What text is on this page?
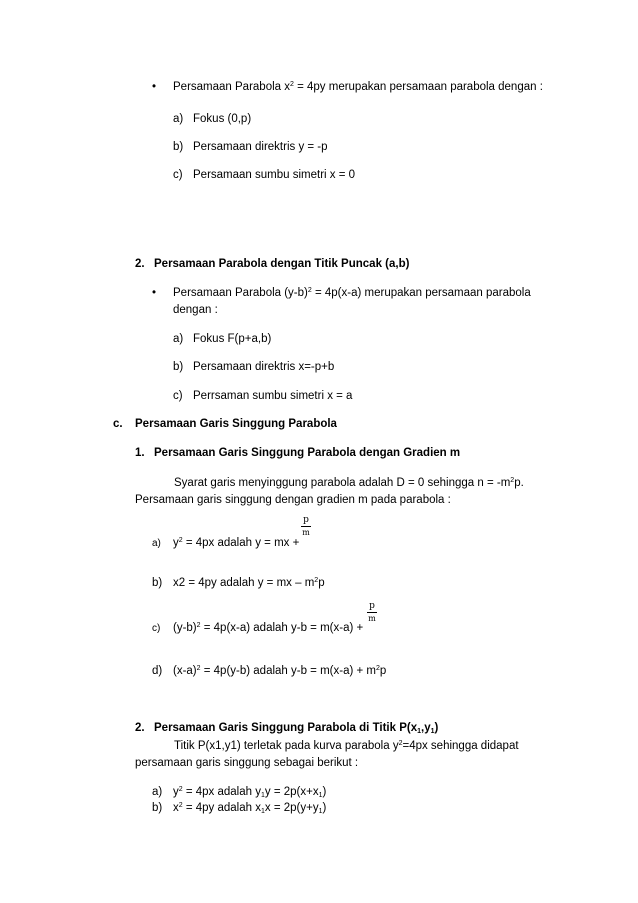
• Persamaan Parabola $x^2 = 4py$ merupakan persamaan parabola dengan :
a) Fokus (0,p)
b) Persamaan direktris y = -p
c) Persamaan sumbu simetri x = 0
2. Persamaan Parabola dengan Titik Puncak (a,b)
• Persamaan Parabola $(y-b)^2 = 4p(x-a)$ merupakan persamaan parabola
dengan :
a) Fokus F(p+a,b)
b) Persamaan direktris x=-p+b
c) Perrsaman sumbu simetri x = a
c. Persamaan Garis Singgung Parabola
1. Persamaan Garis Singgung Parabola dengan Gradien m
Syarat garis menyinggung parabola adalah D = 0 sehingga $n = -m^2p$.
Persamaan garis singgung dengan gradien m pada parabola :
p
m
a) $y^2 = 4px$ adalah y = mx +
b) x2 = 4py adalah y = mx – $m^2p$
p
m
c) $(y-b)^2 = 4p(x-a)$ adalah y-b = m(x-a) +
d) $(x-a)^2 = 4p(y-b)$ adalah $y-b = m(x-a) + m^2p$
2. Persamaan Garis Singgung Parabola di Titik $P(x_1,y_1)$
Titik P(x1,y1) terletak pada kurva parabola $y^2=4px$ sehingga didapat
persamaan garis singgung sebagai berikut :
a) $y^2 = 4px$ adalah $y_1y = 2p(x+x_1)$
b) $x^2 = 4py$ adalah $x_1x = 2p(y+y_1)$
